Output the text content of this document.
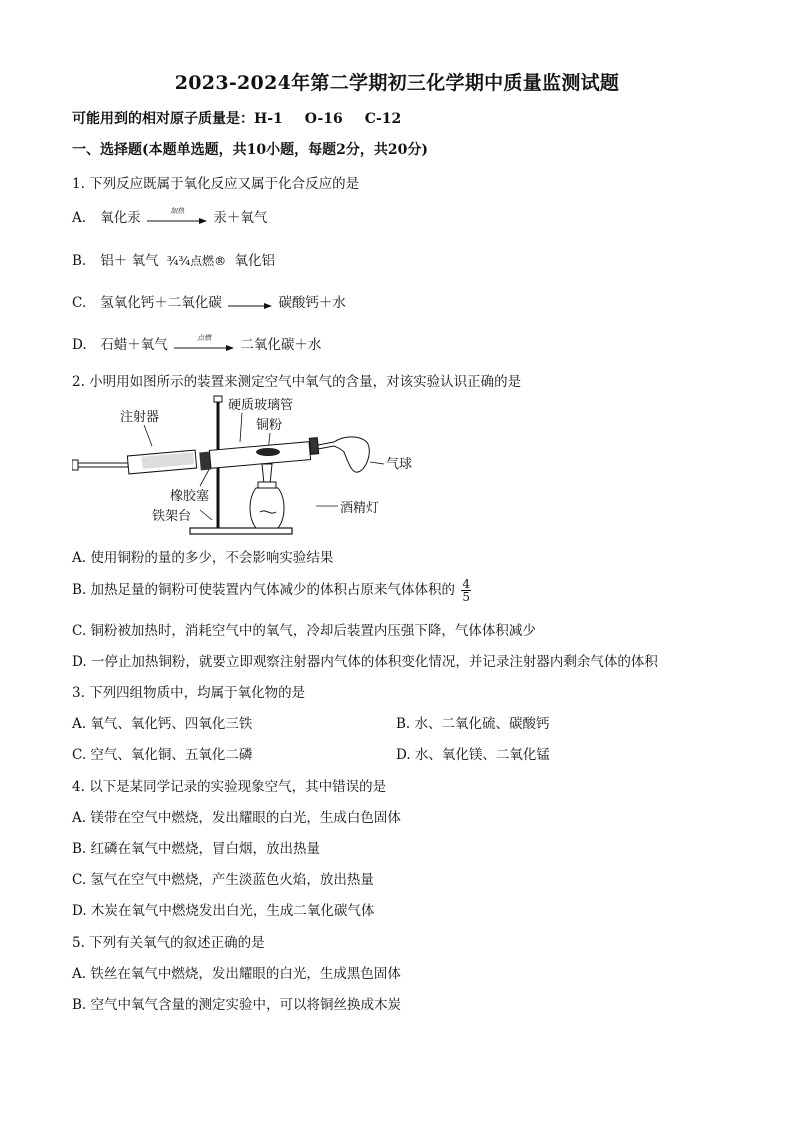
2023-2024年第二学期初三化学期中质量监测试题
可能用到的相对原子质量是：H-1 O-16 C-12
一、选择题(本题单选题，共10小题，每题2分，共20分)
1. 下列反应既属于氧化反应又属于化合反应的是
A. 氧化汞	加热	汞＋氧气
B. 铝＋ 氧气 ¾¾点燃® 氧化铝
C. 氢氧化钙＋二氧化碳 → 碳酸钙＋水
D. 石蜡＋氧气	点燃	二氧化碳＋水
2. 小明用如图所示的装置来测定空气中氧气的含量，对该实验认识正确的是
注射器
硬质玻璃管
铜粉
气球
橡胶塞
铁架台
酒精灯
A. 使用铜粉的量的多少，不会影响实验结果
B. 加热足量的铜粉可使装置内气体减少的体积占原来气体体积的 $\frac{4}{5}$
C. 铜粉被加热时，消耗空气中的氧气，冷却后装置内压强下降，气体体积减少
D. 一停止加热铜粉，就要立即观察注射器内气体的体积变化情况，并记录注射器内剩余气体的体积
3. 下列四组物质中，均属于氧化物的是
A. 氧气、氧化钙、四氧化三铁	B. 水、二氧化硫、碳酸钙
C. 空气、氧化铜、五氧化二磷	D. 水、氧化镁、二氧化锰
4. 以下是某同学记录的实验现象空气，其中错误的是
A. 镁带在空气中燃烧，发出耀眼的白光，生成白色固体
B. 红磷在氧气中燃烧，冒白烟，放出热量
C. 氢气在空气中燃烧，产生淡蓝色火焰，放出热量
D. 木炭在氧气中燃烧发出白光，生成二氧化碳气体
5. 下列有关氧气的叙述正确的是
A. 铁丝在氧气中燃烧，发出耀眼的白光，生成黑色固体
B. 空气中氧气含量的测定实验中，可以将铜丝换成木炭
